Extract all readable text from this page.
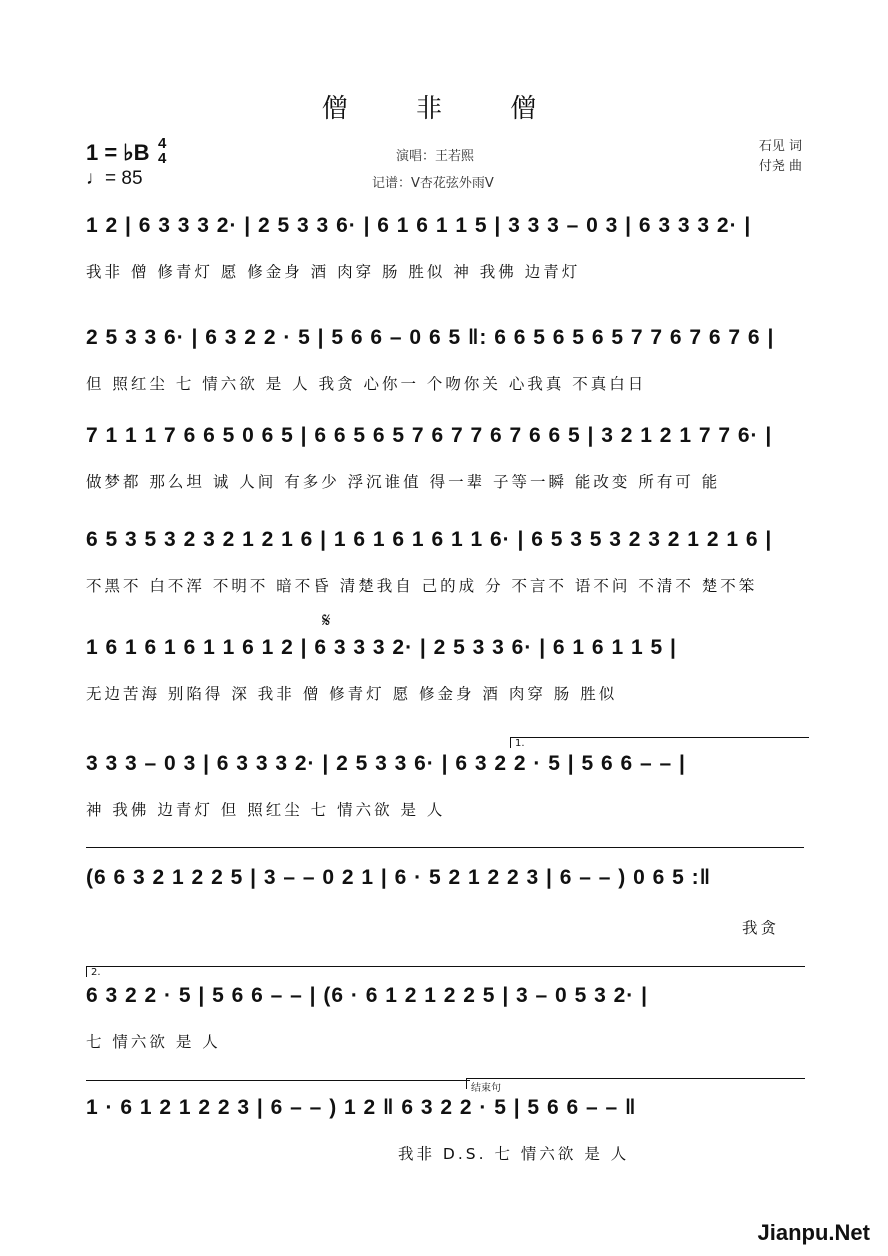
僧 非 僧
1 = ♭B 4
4
♩= 85
演唱：王若熙
记谱：V杏花弦外雨V
石见 词
付尧 曲
1 2 | 6 3 3 3 2· | 2 5 3 3 6· | 6 1 6 1 1 5 | 3 3 3 – 0 3 | 6 3 3 3 2· |
我非 僧 修青灯 愿 修金身 酒 肉穿 肠 胜似 神 我佛 边青灯
2 5 3 3 6· | 6 3 2 2 · 5 | 5 6 6 – 0 6 5 ‖: 6 6 5 6 5 6 5 7 7 6 7 6 7 6 |
但 照红尘 七 情六欲 是 人 我贪 心你一 个吻你关 心我真 不真白日
7 1 1 1 7 6 6 5 0 6 5 | 6 6 5 6 5 7 6 7 7 6 7 6 6 5 | 3 2 1 2 1 7 7 6· |
做梦都 那么坦 诚 人间 有多少 浮沉谁值 得一辈 子等一瞬 能改变 所有可 能
6 5 3 5 3 2 3 2 1 2 1 6 | 1 6 1 6 1 6 1 1 6· | 6 5 3 5 3 2 3 2 1 2 1 6 |
不黑不 白不浑 不明不 暗不昏 清楚我自 己的成 分 不言不 语不问 不清不 楚不笨
𝄋
1 6 1 6 1 6 1 1 6 1 2 | 6 3 3 3 2· | 2 5 3 3 6· | 6 1 6 1 1 5 |
无边苦海 别陷得 深 我非 僧 修青灯 愿 修金身 酒 肉穿 肠 胜似
1.
3 3 3 – 0 3 | 6 3 3 3 2· | 2 5 3 3 6· | 6 3 2 2 · 5 | 5 6 6 – – |
神 我佛 边青灯 但 照红尘 七 情六欲 是 人
(6 6 3 2 1 2 2 5 | 3 – – 0 2 1 | 6 · 5 2 1 2 2 3 | 6 – – ) 0 6 5 :‖
我贪
2.
6 3 2 2 · 5 | 5 6 6 – – | (6 · 6 1 2 1 2 2 5 | 3 – 0 5 3 2· |
七 情六欲 是 人
结束句
1 · 6 1 2 1 2 2 3 | 6 – – ) 1 2 ‖ 6 3 2 2 · 5 | 5 6 6 – – ‖
我非 D.S. 七 情六欲 是 人
Jianpu.Net
